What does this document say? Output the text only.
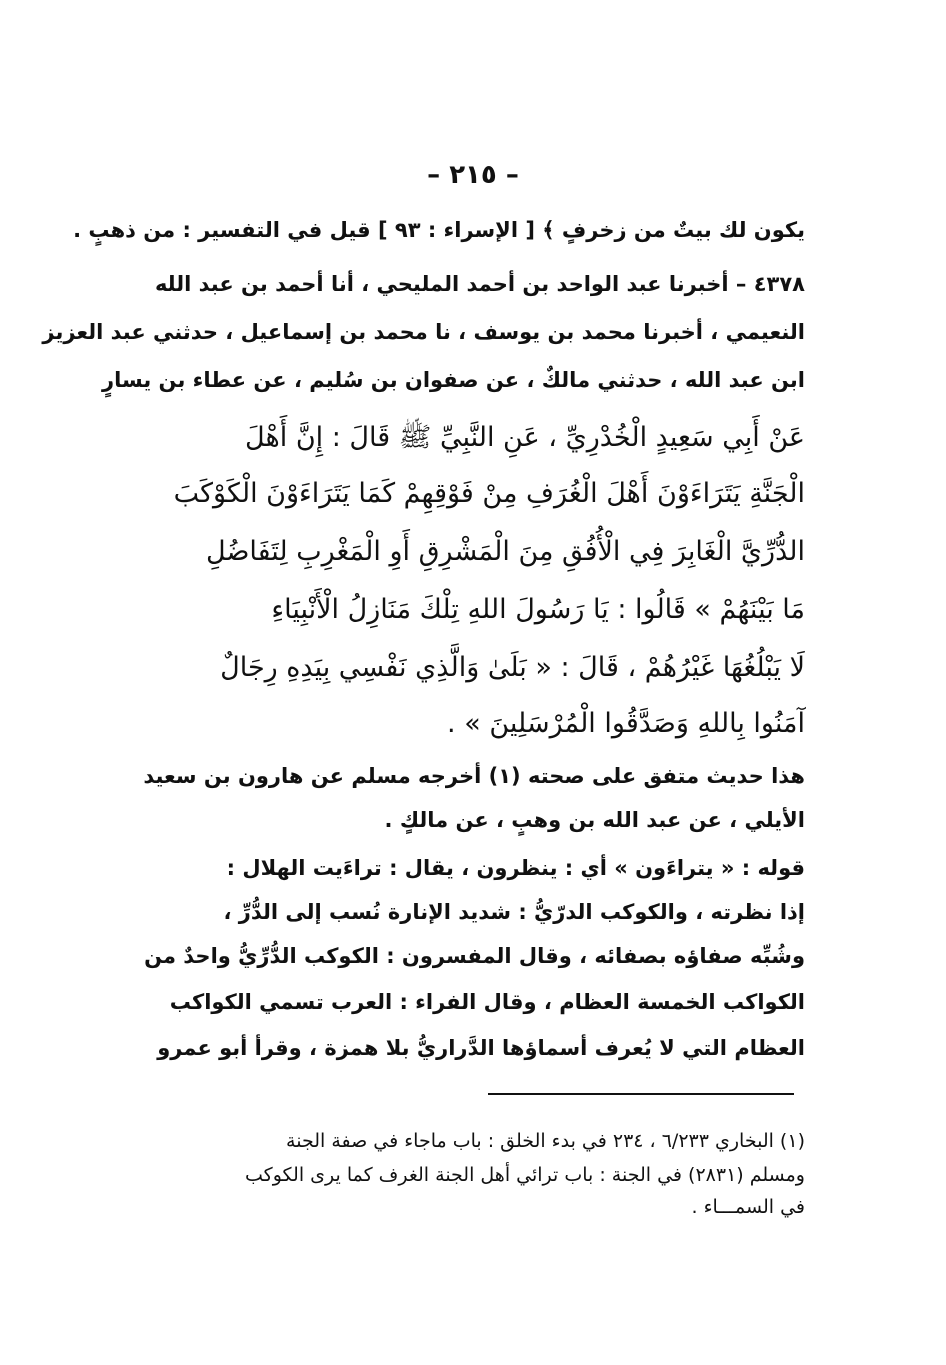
– ٢١٥ –
يكون لك بيتٌ من زخرفٍ ﴾ [ الإسراء : ٩٣ ] قيل في التفسير : من ذهبٍ .
٤٣٧٨ – أخبرنا عبد الواحد بن أحمد المليحي ، أنا أحمد بن عبد الله
النعيمي ، أخبرنا محمد بن يوسف ، نا محمد بن إسماعيل ، حدثني عبد العزيز
ابن عبد الله ، حدثني مالكٌ ، عن صفوان بن سُليم ، عن عطاء بن يسارٍ
عَنْ أَبِي سَعِيدٍ الْخُدْرِيِّ ، عَنِ النَّبِيِّ ﷺ قَالَ : إِنَّ أَهْلَ
الْجَنَّةِ يَتَرَاءَوْنَ أَهْلَ الْغُرَفِ مِنْ فَوْقِهِمْ كَمَا يَتَرَاءَوْنَ الْكَوْكَبَ
الدُّرِّيَّ الْغَابِرَ فِي الْأُفُقِ مِنَ الْمَشْرِقِ أَوِ الْمَغْرِبِ لِتَفَاضُلِ
مَا بَيْنَهُمْ » قَالُوا : يَا رَسُولَ اللهِ تِلْكَ مَنَازِلُ الْأَنْبِيَاءِ
لَا يَبْلُغُهَا غَيْرُهُمْ ، قَالَ : « بَلَىٰ وَالَّذِي نَفْسِي بِيَدِهِ رِجَالٌ
آمَنُوا بِاللهِ وَصَدَّقُوا الْمُرْسَلِينَ » .
هذا حديث متفق على صحته (١) أخرجه مسلم عن هارون بن سعيد
الأيلي ، عن عبد الله بن وهبٍ ، عن مالكٍ .
قوله : « يتراءَون » أي : ينظرون ، يقال : تراءَيت الهلال :
إذا نظرته ، والكوكب الدرّيُّ : شديد الإنارة نُسب إلى الدُّرِّ ،
وشُبِّه صفاؤه بصفائه ، وقال المفسرون : الكوكب الدُّرِّيُّ واحدٌ من
الكواكب الخمسة العظام ، وقال الفراء : العرب تسمي الكواكب
العظام التي لا يُعرف أسماؤها الدَّراريُّ بلا همزة ، وقرأ أبو عمرو
(١) البخاري ٦/٢٣٣ ، ٢٣٤ في بدء الخلق : باب ماجاء في صفة الجنة
ومسلم (٢٨٣١) في الجنة : باب ترائي أهل الجنة الغرف كما يرى الكوكب
في السمـــاء .
